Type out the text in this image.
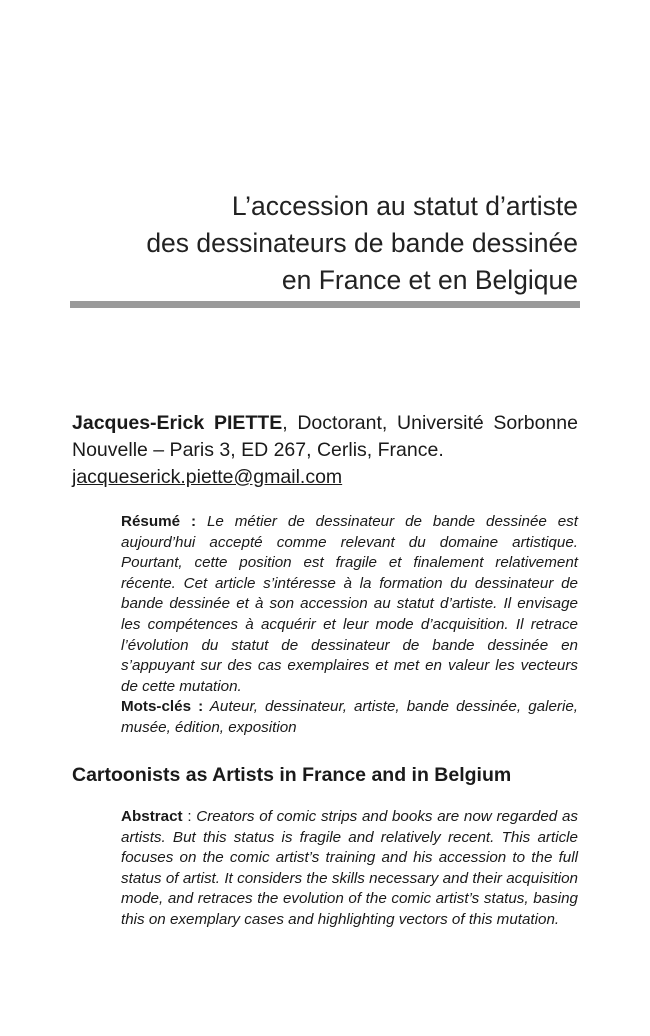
L’accession au statut d’artiste
des dessinateurs de bande dessinée
en France et en Belgique
Jacques-Erick PIETTE, Doctorant, Université Sorbonne Nouvelle – Paris 3, ED 267, Cerlis, France.
jacqueserick.piette@gmail.com
Résumé : Le métier de dessinateur de bande dessinée est aujourd’hui accepté comme relevant du domaine artistique. Pourtant, cette position est fragile et finalement relativement récente. Cet article s’intéresse à la formation du dessinateur de bande dessinée et à son accession au statut d’artiste. Il envisage les compétences à acquérir et leur mode d’acquisition. Il retrace l’évolution du statut de dessinateur de bande dessinée en s’appuyant sur des cas exemplaires et met en valeur les vecteurs de cette mutation.
Mots-clés : Auteur, dessinateur, artiste, bande dessinée, galerie, musée, édition, exposition
Cartoonists as Artists in France and in Belgium
Abstract : Creators of comic strips and books are now regarded as artists. But this status is fragile and relatively recent. This article focuses on the comic artist’s training and his accession to the full status of artist. It considers the skills necessary and their acquisition mode, and retraces the evolution of the comic artist’s status, basing this on exemplary cases and highlighting vectors of this mutation.
